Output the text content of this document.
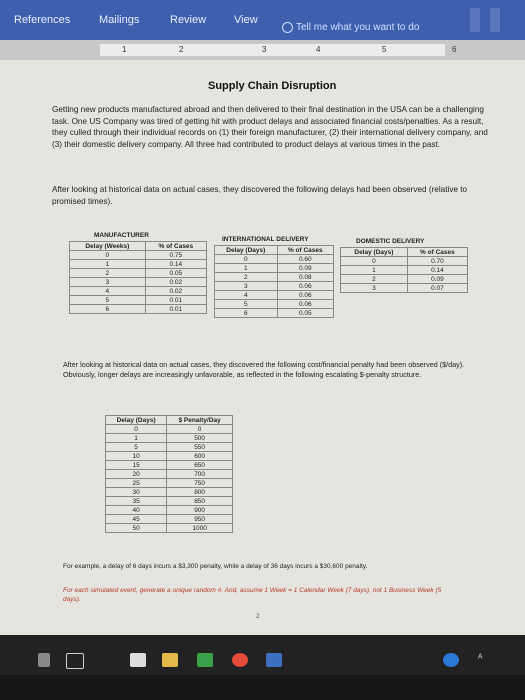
References	Mailings	Review	View
Tell me what you want to do
1	2	3	4	5	6
Supply Chain Disruption
Getting new products manufactured abroad and then delivered to their final destination in the USA can be a challenging task. One US Company was tired of getting hit with product delays and associated financial costs/penalties. As a result, they culled through their individual records on (1) their foreign manufacturer, (2) their international delivery company, and (3) their domestic delivery company. All three had contributed to product delays at various times in the past.
After looking at historical data on actual cases, they discovered the following delays had been observed (relative to promised times).
MANUFACTURER
Delay (Weeks)	% of Cases
0	0.75
1	0.14
2	0.05
3	0.02
4	0.02
5	0.01
6	0.01
INTERNATIONAL DELIVERY
Delay (Days)	% of Cases
0	0.60
1	0.09
2	0.08
3	0.06
4	0.06
5	0.06
6	0.05
DOMESTIC DELIVERY
Delay (Days)	% of Cases
0	0.70
1	0.14
2	0.09
3	0.07
After looking at historical data on actual cases, they discovered the following cost/financial penalty had been observed ($/day). Obviously, longer delays are increasingly unfavorable, as reflected in the following escalating $-penalty structure.
Delay (Days)	$ Penalty/Day
0	0
1	500
5	550
10	600
15	650
20	700
25	750
30	800
35	850
40	900
45	950
50	1000
For example, a delay of 6 days incurs a $3,300 penalty, while a delay of 36 days incurs a $30,600 penalty.
For each simulated event, generate a unique random #. And, assume 1 Week = 1 Calendar Week (7 days), not 1 Business Week (5 days).
2
ᴬ
